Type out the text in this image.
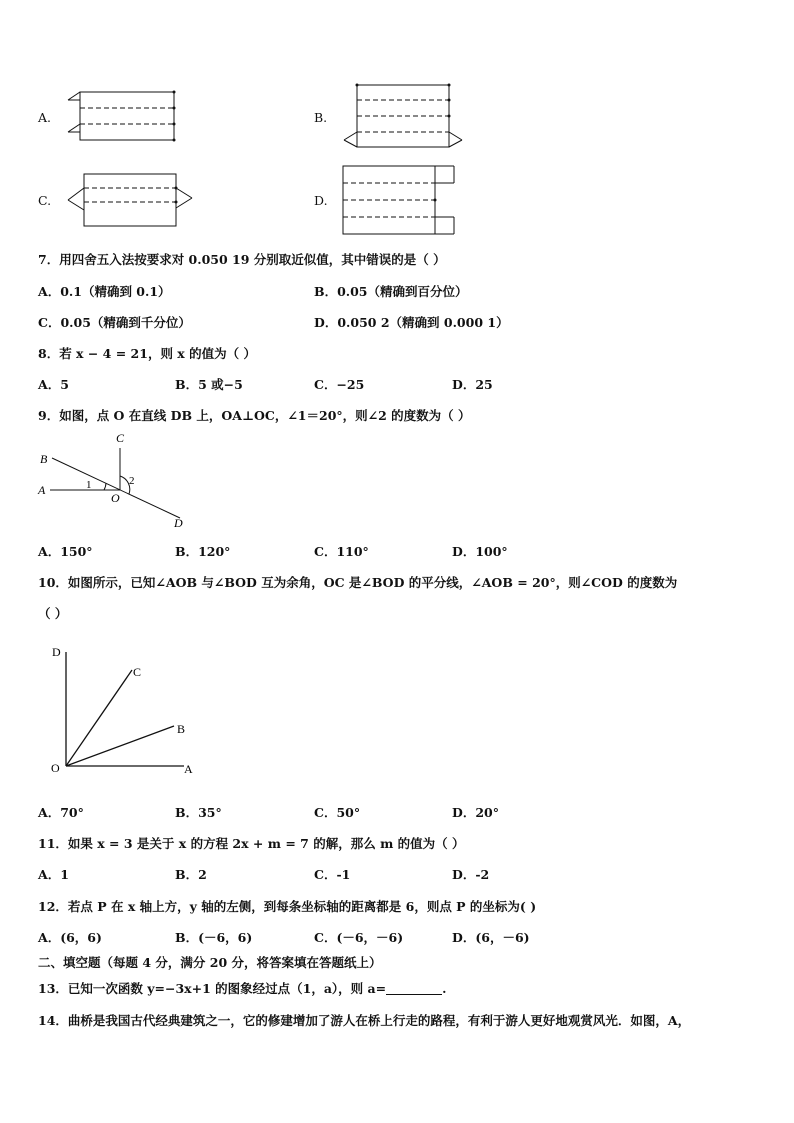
A.	B.
C.	D.
7．用四舍五入法按要求对 0.050 19 分别取近似值，其中错误的是（ ）
A．0.1（精确到 0.1）	B．0.05（精确到百分位）
C．0.05（精确到千分位）	D．0.050 2（精确到 0.000 1）
8．若 x − 4 = 21，则 x 的值为（ ）
A．5	B．5 或−5	C．−25	D．25
9．如图，点 O 在直线 DB 上，OA⊥OC，∠1＝20°，则∠2 的度数为（ ）
B
C
A
O
D
1	2
A．150°	B．120°	C．110°	D．100°
10．如图所示，已知∠AOB 与∠BOD 互为余角，OC 是∠BOD 的平分线，∠AOB = 20°，则∠COD 的度数为
（ ）
D
C
B
O	A
A．70°	B．35°	C．50°	D．20°
11．如果 x = 3 是关于 x 的方程 2x + m = 7 的解，那么 m 的值为（ ）
A．1	B．2	C．-1	D．-2
12．若点 P 在 x 轴上方，y 轴的左侧，到每条坐标轴的距离都是 6，则点 P 的坐标为( )
A．(6，6)	B．(－6，6)	C．(－6，－6)	D．(6，－6)
二、填空题（每题 4 分，满分 20 分，将答案填在答题纸上）
13．已知一次函数 y=−3x+1 的图象经过点（1，a），则 a=	.
14．曲桥是我国古代经典建筑之一，它的修建增加了游人在桥上行走的路程，有利于游人更好地观赏风光．如图，A，
